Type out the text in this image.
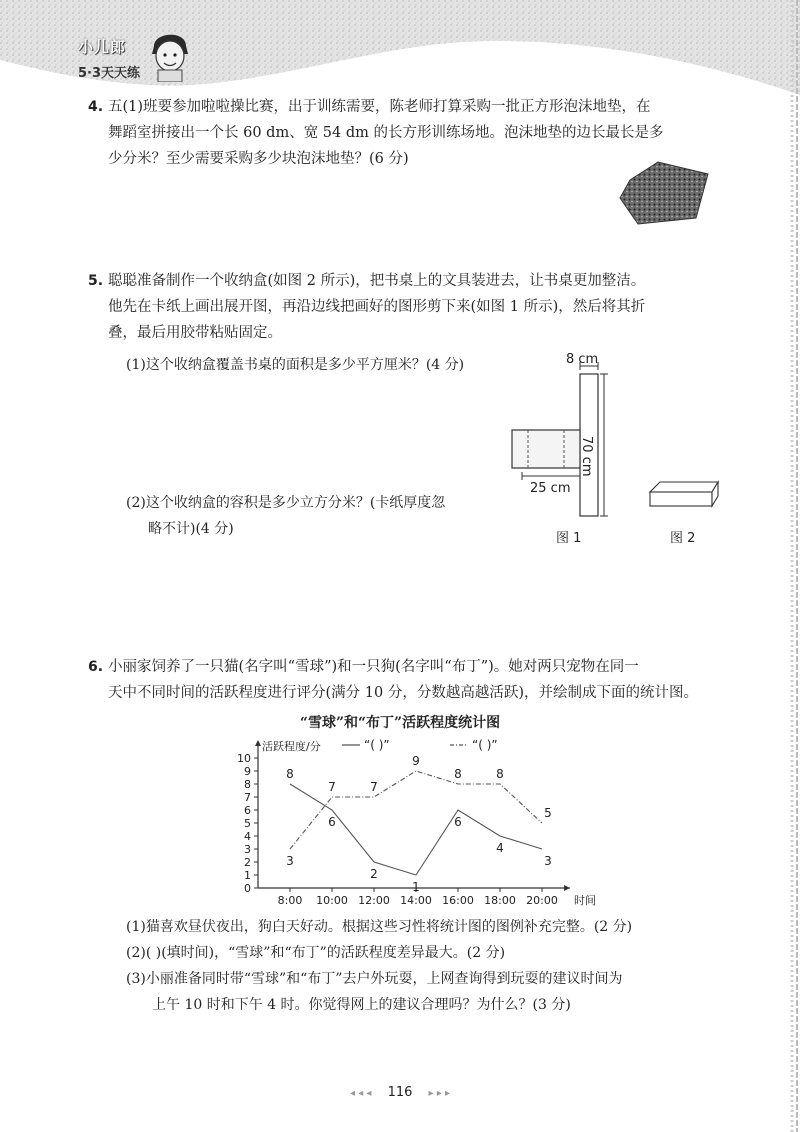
小儿郎
5·3天天练
4. 五(1)班要参加啦啦操比赛，出于训练需要，陈老师打算采购一批正方形泡沫地垫，在
舞蹈室拼接出一个长 60 dm、宽 54 dm 的长方形训练场地。泡沫地垫的边长最长是多
少分米？至少需要采购多少块泡沫地垫？(6 分)
5. 聪聪准备制作一个收纳盒(如图 2 所示)，把书桌上的文具装进去，让书桌更加整洁。
他先在卡纸上画出展开图，再沿边线把画好的图形剪下来(如图 1 所示)，然后将其折
叠，最后用胶带粘贴固定。
(1)这个收纳盒覆盖书桌的面积是多少平方厘米？(4 分)
(2)这个收纳盒的容积是多少立方分米？(卡纸厚度忽
略不计)(4 分)
8 cm
70 cm
25 cm
图 1	图 2
6. 小丽家饲养了一只猫(名字叫“雪球”)和一只狗(名字叫“布丁”)。她对两只宠物在同一
天中不同时间的活跃程度进行评分(满分 10 分，分数越高越活跃)，并绘制成下面的统计图。
“雪球”和“布丁”活跃程度统计图
0
1
2
3
4
5
6
7
8
9
10
8:00 10:00 12:00 14:00 16:00 18:00 20:00 时间
活跃程度/分	“( )”	“( )”
8
6
2
1
6
4
3
3
7	7
9
8	8
5
(1)猫喜欢昼伏夜出，狗白天好动。根据这些习性将统计图的图例补充完整。(2 分)
(2)( )(填时间)，“雪球”和“布丁”的活跃程度差异最大。(2 分)
(3)小丽准备同时带“雪球”和“布丁”去户外玩耍，上网查询得到玩耍的建议时间为
上午 10 时和下午 4 时。你觉得网上的建议合理吗？为什么？(3 分)
◂ ◂ ◂ 116 ▸ ▸ ▸
